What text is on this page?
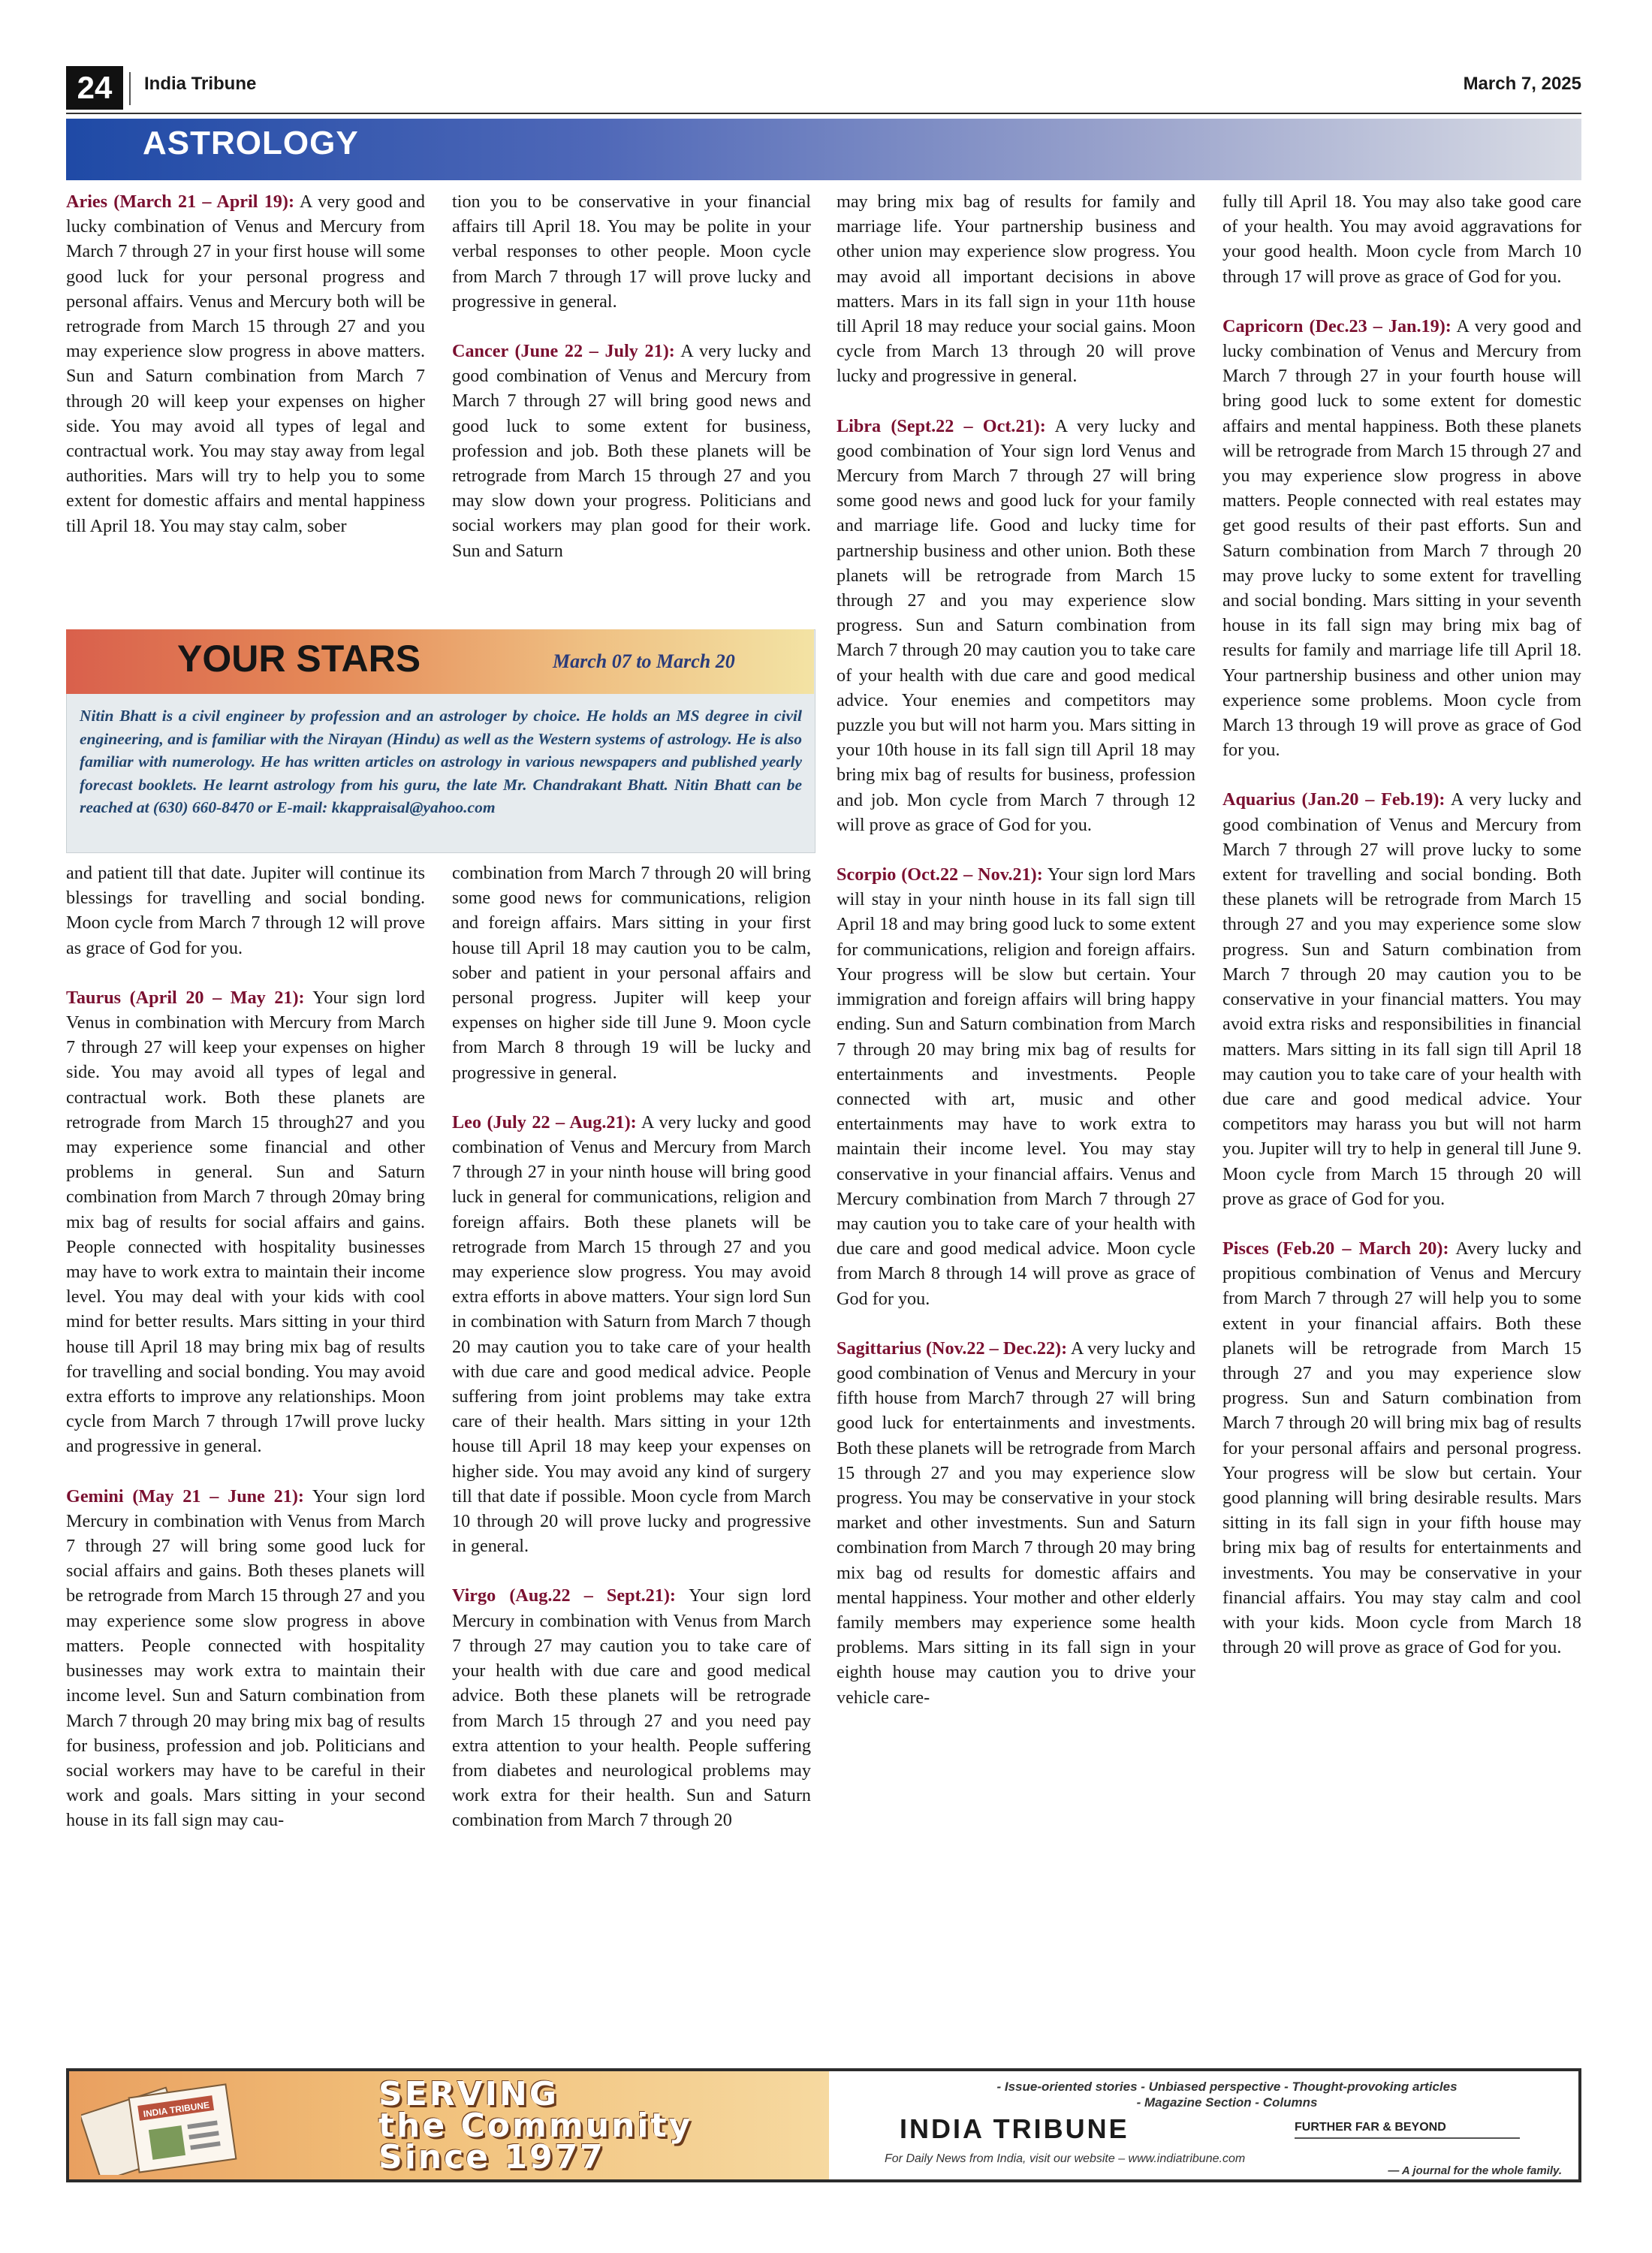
24	India Tribune	March 7, 2025
ASTROLOGY

Aries (March 21 – April 19): A very good and lucky combination of Venus and Mercury from March 7 through 27 in your first house will some good luck for your personal progress and personal affairs. Venus and Mercury both will be retrograde from March 15 through 27 and you may experience slow progress in above matters. Sun and Saturn combination from March 7 through 20 will keep your expenses on higher side. You may avoid all types of legal and contractual work. You may stay away from legal authorities. Mars will try to help you to some extent for domestic affairs and mental happiness till April 18. You may stay calm, sober

tion you to be conservative in your financial affairs till April 18. You may be polite in your verbal responses to other people. Moon cycle from March 7 through 17 will prove lucky and progressive in general.

Cancer (June 22 – July 21): A very lucky and good combination of Venus and Mercury from March 7 through 27 will bring good news and good luck to some extent for business, profession and job. Both these planets will be retrograde from March 15 through 27 and you may slow down your progress. Politicians and social workers may plan good for their work. Sun and Saturn

YOUR STARS	March 07 to March 20
Nitin Bhatt is a civil engineer by profession and an astrologer by choice. He holds an MS degree in civil engineering, and is familiar with the Nirayan (Hindu) as well as the Western systems of astrology. He is also familiar with numerology. He has written articles on astrology in various newspapers and published yearly forecast booklets. He learnt astrology from his guru, the late Mr. Chandrakant Bhatt. Nitin Bhatt can be reached at (630) 660-8470 or E-mail: kkappraisal@yahoo.com

and patient till that date. Jupiter will continue its blessings for travelling and social bonding. Moon cycle from March 7 through 12 will prove as grace of God for you.

Taurus (April 20 – May 21): Your sign lord Venus in combination with Mercury from March 7 through 27 will keep your expenses on higher side. You may avoid all types of legal and contractual work. Both these planets are retrograde from March 15 through27 and you may experience some financial and other problems in general. Sun and Saturn combination from March 7 through 20may bring mix bag of results for social affairs and gains. People connected with hospitality businesses may have to work extra to maintain their income level. You may deal with your kids with cool mind for better results. Mars sitting in your third house till April 18 may bring mix bag of results for travelling and social bonding. You may avoid extra efforts to improve any relationships. Moon cycle from March 7 through 17will prove lucky and progressive in general.

Gemini (May 21 – June 21): Your sign lord Mercury in combination with Venus from March 7 through 27 will bring some good luck for social affairs and gains. Both theses planets will be retrograde from March 15 through 27 and you may experience some slow progress in above matters. People connected with hospitality businesses may work extra to maintain their income level. Sun and Saturn combination from March 7 through 20 may bring mix bag of results for business, profession and job. Politicians and social workers may have to be careful in their work and goals. Mars sitting in your second house in its fall sign may cau-

combination from March 7 through 20 will bring some good news for communications, religion and foreign affairs. Mars sitting in your first house till April 18 may caution you to be calm, sober and patient in your personal affairs and personal progress. Jupiter will keep your expenses on higher side till June 9. Moon cycle from March 8 through 19 will be lucky and progressive in general.

Leo (July 22 – Aug.21): A very lucky and good combination of Venus and Mercury from March 7 through 27 in your ninth house will bring good luck in general for communications, religion and foreign affairs. Both these planets will be retrograde from March 15 through 27 and you may experience slow progress. You may avoid extra efforts in above matters. Your sign lord Sun in combination with Saturn from March 7 though 20 may caution you to take care of your health with due care and good medical advice. People suffering from joint problems may take extra care of their health. Mars sitting in your 12th house till April 18 may keep your expenses on higher side. You may avoid any kind of surgery till that date if possible. Moon cycle from March 10 through 20 will prove lucky and progressive in general.

Virgo (Aug.22 – Sept.21): Your sign lord Mercury in combination with Venus from March 7 through 27 may caution you to take care of your health with due care and good medical advice. Both these planets will be retrograde from March 15 through 27 and you need pay extra attention to your health. People suffering from diabetes and neurological problems may work extra for their health. Sun and Saturn combination from March 7 through 20

may bring mix bag of results for family and marriage life. Your partnership business and other union may experience slow progress. You may avoid all important decisions in above matters. Mars in its fall sign in your 11th house till April 18 may reduce your social gains. Moon cycle from March 13 through 20 will prove lucky and progressive in general.

Libra (Sept.22 – Oct.21): A very lucky and good combination of Your sign lord Venus and Mercury from March 7 through 27 will bring some good news and good luck for your family and marriage life. Good and lucky time for partnership business and other union. Both these planets will be retrograde from March 15 through 27 and you may experience slow progress. Sun and Saturn combination from March 7 through 20 may caution you to take care of your health with due care and good medical advice. Your enemies and competitors may puzzle you but will not harm you. Mars sitting in your 10th house in its fall sign till April 18 may bring mix bag of results for business, profession and job. Mon cycle from March 7 through 12 will prove as grace of God for you.

Scorpio (Oct.22 – Nov.21): Your sign lord Mars will stay in your ninth house in its fall sign till April 18 and may bring good luck to some extent for communications, religion and foreign affairs. Your progress will be slow but certain. Your immigration and foreign affairs will bring happy ending. Sun and Saturn combination from March 7 through 20 may bring mix bag of results for entertainments and investments. People connected with art, music and other entertainments may have to work extra to maintain their income level. You may stay conservative in your financial affairs. Venus and Mercury combination from March 7 through 27 may caution you to take care of your health with due care and good medical advice. Moon cycle from March 8 through 14 will prove as grace of God for you.

Sagittarius (Nov.22 – Dec.22): A very lucky and good combination of Venus and Mercury in your fifth house from March7 through 27 will bring good luck for entertainments and investments. Both these planets will be retrograde from March 15 through 27 and you may experience slow progress. You may be conservative in your stock market and other investments. Sun and Saturn combination from March 7 through 20 may bring mix bag od results for domestic affairs and mental happiness. Your mother and other elderly family members may experience some health problems. Mars sitting in its fall sign in your eighth house may caution you to drive your vehicle care-

fully till April 18. You may also take good care of your health. You may avoid aggravations for your good health. Moon cycle from March 10 through 17 will prove as grace of God for you.

Capricorn (Dec.23 – Jan.19): A very good and lucky combination of Venus and Mercury from March 7 through 27 in your fourth house will bring good luck to some extent for domestic affairs and mental happiness. Both these planets will be retrograde from March 15 through 27 and you may experience slow progress in above matters. People connected with real estates may get good results of their past efforts. Sun and Saturn combination from March 7 through 20 may prove lucky to some extent for travelling and social bonding. Mars sitting in your seventh house in its fall sign may bring mix bag of results for family and marriage life till April 18. Your partnership business and other union may experience some problems. Moon cycle from March 13 through 19 will prove as grace of God for you.

Aquarius (Jan.20 – Feb.19): A very lucky and good combination of Venus and Mercury from March 7 through 27 will prove lucky to some extent for travelling and social bonding. Both these planets will be retrograde from March 15 through 27 and you may experience some slow progress. Sun and Saturn combination from March 7 through 20 may caution you to be conservative in your financial matters. You may avoid extra risks and responsibilities in financial matters. Mars sitting in its fall sign till April 18 may caution you to take care of your health with due care and good medical advice. Your competitors may harass you but will not harm you. Jupiter will try to help in general till June 9. Moon cycle from March 15 through 20 will prove as grace of God for you.

Pisces (Feb.20 – March 20): Avery lucky and propitious combination of Venus and Mercury from March 7 through 27 will help you to some extent in your financial affairs. Both these planets will be retrograde from March 15 through 27 and you may experience slow progress. Sun and Saturn combination from March 7 through 20 will bring mix bag of results for your personal affairs and personal progress. Your progress will be slow but certain. Your good planning will bring desirable results. Mars sitting in its fall sign in your fifth house may bring mix bag of results for entertainments and investments. You may be conservative in your financial affairs. You may stay calm and cool with your kids. Moon cycle from March 18 through 20 will prove as grace of God for you.

INDIA TRIBUNE	SERVING
the Community
Since 1977
- Issue-oriented stories - Unbiased perspective - Thought-provoking articles
- Magazine Section - Columns
INDIA TRIBUNE	FURTHER FAR & BEYOND
For Daily News from India, visit our website – www.indiatribune.com
— A journal for the whole family.
